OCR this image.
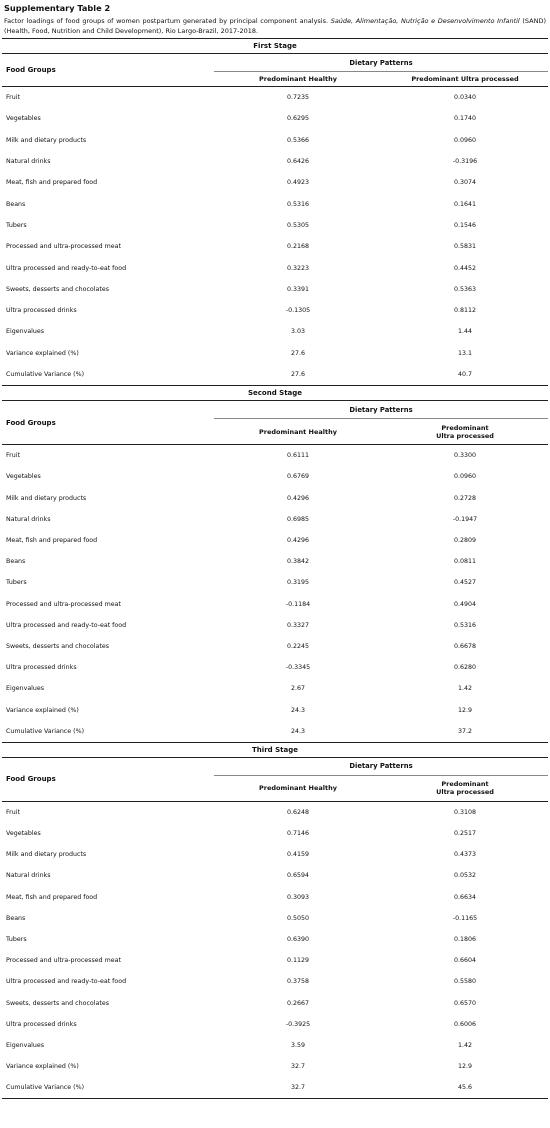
Supplementary Table 2
Factor loadings of food groups of women postpartum generated by principal component analysis. Saúde, Alimentação, Nutrição e Desenvolvimento Infantil (SAND) (Health, Food, Nutrition and Child Development), Rio Largo-Brazil, 2017-2018.
First Stage		
Food Groups	Dietary Patterns	
	Predominant Healthy	Predominant Ultra processed
Fruit	0.7235	0.0340
Vegetables	0.6295	0.1740
Milk and dietary products	0.5366	0.0960
Natural drinks	0.6426	-0.3196
Meat, fish and prepared food	0.4923	0.3074
Beans	0.5316	0.1641
Tubers	0.5305	0.1546
Processed and ultra-processed meat	0.2168	0.5831
Ultra processed and ready-to-eat food	0.3223	0.4452
Sweets, desserts and chocolates	0.3391	0.5363
Ultra processed drinks	-0.1305	0.8112
Eigenvalues	3.03	1.44
Variance explained (%)	27.6	13.1
Cumulative Variance (%)	27.6	40.7
Second Stage		
Food Groups	Dietary Patterns	
	Predominant Healthy	Predominant
Ultra processed
Fruit	0.6111	0.3300
Vegetables	0.6769	0.0960
Milk and dietary products	0.4296	0.2728
Natural drinks	0.6985	-0.1947
Meat, fish and prepared food	0.4296	0.2809
Beans	0.3842	0.0811
Tubers	0.3195	0.4527
Processed and ultra-processed meat	-0.1184	0.4904
Ultra processed and ready-to-eat food	0.3327	0.5316
Sweets, desserts and chocolates	0.2245	0.6678
Ultra processed drinks	-0.3345	0.6280
Eigenvalues	2.67	1.42
Variance explained (%)	24.3	12.9
Cumulative Variance (%)	24.3	37.2
Third Stage		
Food Groups	Dietary Patterns	
	Predominant Healthy	Predominant
Ultra processed
Fruit	0.6248	0.3108
Vegetables	0.7146	0.2517
Milk and dietary products	0.4159	0.4373
Natural drinks	0.6594	0.0532
Meat, fish and prepared food	0.3093	0.6634
Beans	0.5050	-0.1165
Tubers	0.6390	0.1806
Processed and ultra-processed meat	0.1129	0.6604
Ultra processed and ready-to-eat food	0.3758	0.5580
Sweets, desserts and chocolates	0.2667	0.6570
Ultra processed drinks	-0.3925	0.6006
Eigenvalues	3.59	1.42
Variance explained (%)	32.7	12.9
Cumulative Variance (%)	32.7	45.6
